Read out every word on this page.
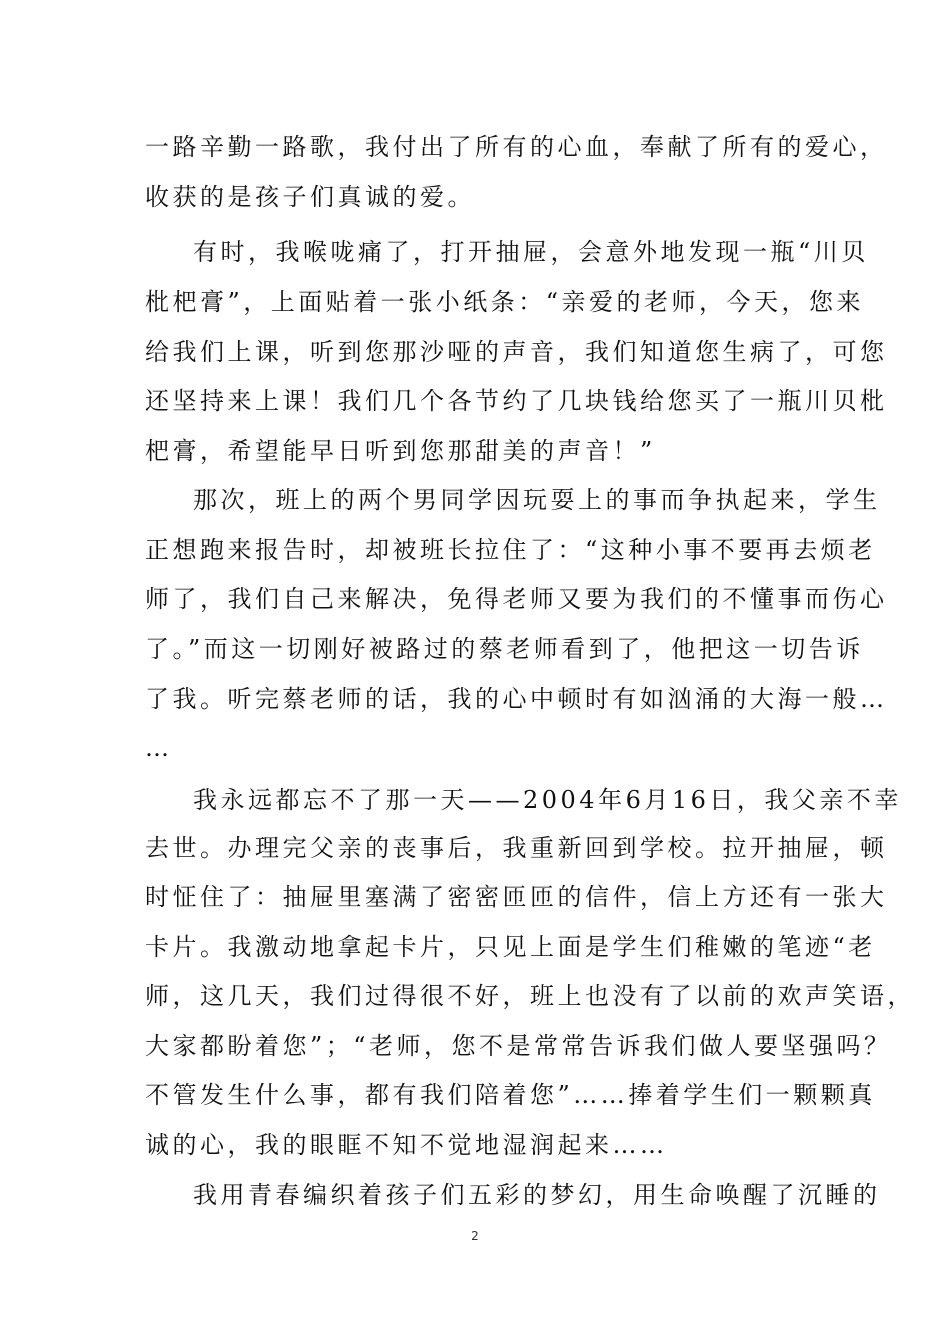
一路辛勤一路歌，我付出了所有的心血，奉献了所有的爱心，
收获的是孩子们真诚的爱。
有时，我喉咙痛了，打开抽屉，会意外地发现一瓶“川贝
枇杷膏”，上面贴着一张小纸条：“亲爱的老师，今天，您来
给我们上课，听到您那沙哑的声音，我们知道您生病了，可您
还坚持来上课！我们几个各节约了几块钱给您买了一瓶川贝枇
杷膏，希望能早日听到您那甜美的声音！”
那次，班上的两个男同学因玩耍上的事而争执起来，学生
正想跑来报告时，却被班长拉住了：“这种小事不要再去烦老
师了，我们自己来解决，免得老师又要为我们的不懂事而伤心
了。”而这一切刚好被路过的蔡老师看到了，他把这一切告诉
了我。听完蔡老师的话，我的心中顿时有如汹涌的大海一般…
…
我永远都忘不了那一天——2004年6月16日，我父亲不幸
去世。办理完父亲的丧事后，我重新回到学校。拉开抽屉，顿
时怔住了：抽屉里塞满了密密匝匝的信件，信上方还有一张大
卡片。我激动地拿起卡片，只见上面是学生们稚嫩的笔迹“老
师，这几天，我们过得很不好，班上也没有了以前的欢声笑语，
大家都盼着您”；“老师，您不是常常告诉我们做人要坚强吗？
不管发生什么事，都有我们陪着您”……捧着学生们一颗颗真
诚的心，我的眼眶不知不觉地湿润起来……
我用青春编织着孩子们五彩的梦幻，用生命唤醒了沉睡的
2
